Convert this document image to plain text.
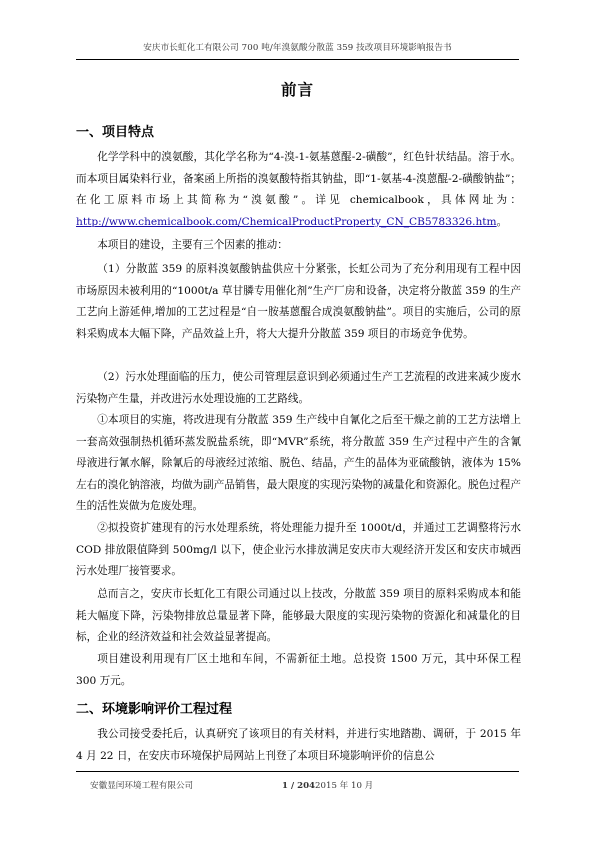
安庆市长虹化工有限公司 700 吨/年溴氨酸分散蓝 359 技改项目环境影响报告书
前言
一、项目特点
化学学科中的溴氨酸，其化学名称为“4-溴-1-氨基蒽醌-2-磺酸”，红色针状结晶。溶于水。而本项目属染料行业，备案函上所指的溴氨酸特指其钠盐，即“1-氨基-4-溴蒽醌-2-磺酸钠盐”；在化工原料市场上其简称为“溴氨酸”。详见 chemicalbook，具体网址为：http://www.chemicalbook.com/ChemicalProductProperty_CN_CB5783326.htm。
本项目的建设，主要有三个因素的推动：
（1）分散蓝 359 的原料溴氨酸钠盐供应十分紧张，长虹公司为了充分利用现有工程中因市场原因未被利用的“1000t/a 草甘膦专用催化剂”生产厂房和设备，决定将分散蓝 359 的生产工艺向上游延伸,增加的工艺过程是“自一胺基蒽醌合成溴氨酸钠盐”。项目的实施后，公司的原料采购成本大幅下降，产品效益上升，将大大提升分散蓝 359 项目的市场竞争优势。
（2）污水处理面临的压力，使公司管理层意识到必须通过生产工艺流程的改进来减少废水污染物产生量，并改进污水处理设施的工艺路线。
①本项目的实施，将改进现有分散蓝 359 生产线中自氰化之后至干燥之前的工艺方法增上一套高效强制热机循环蒸发脱盐系统，即“MVR”系统，将分散蓝 359 生产过程中产生的含氰母液进行氰水解，除氰后的母液经过浓缩、脱色、结晶，产生的晶体为亚硫酸钠，液体为 15%左右的溴化钠溶液，均做为副产品销售，最大限度的实现污染物的减量化和资源化。脱色过程产生的活性炭做为危废处理。
②拟投资扩建现有的污水处理系统，将处理能力提升至 1000t/d，并通过工艺调整将污水 COD 排放限值降到 500mg/l 以下，使企业污水排放满足安庆市大观经济开发区和安庆市城西污水处理厂接管要求。
总而言之，安庆市长虹化工有限公司通过以上技改，分散蓝 359 项目的原料采购成本和能耗大幅度下降，污染物排放总量显著下降，能够最大限度的实现污染物的资源化和减量化的目标，企业的经济效益和社会效益显著提高。
项目建设利用现有厂区土地和车间，不需新征土地。总投资 1500 万元，其中环保工程 300 万元。
二、环境影响评价工程过程
我公司接受委托后，认真研究了该项目的有关材料，并进行实地踏勘、调研，于 2015 年 4 月 22 日，在安庆市环境保护局网站上刊登了本项目环境影响评价的信息公
安徽显闰环境工程有限公司	1 / 2042015 年 10 月
